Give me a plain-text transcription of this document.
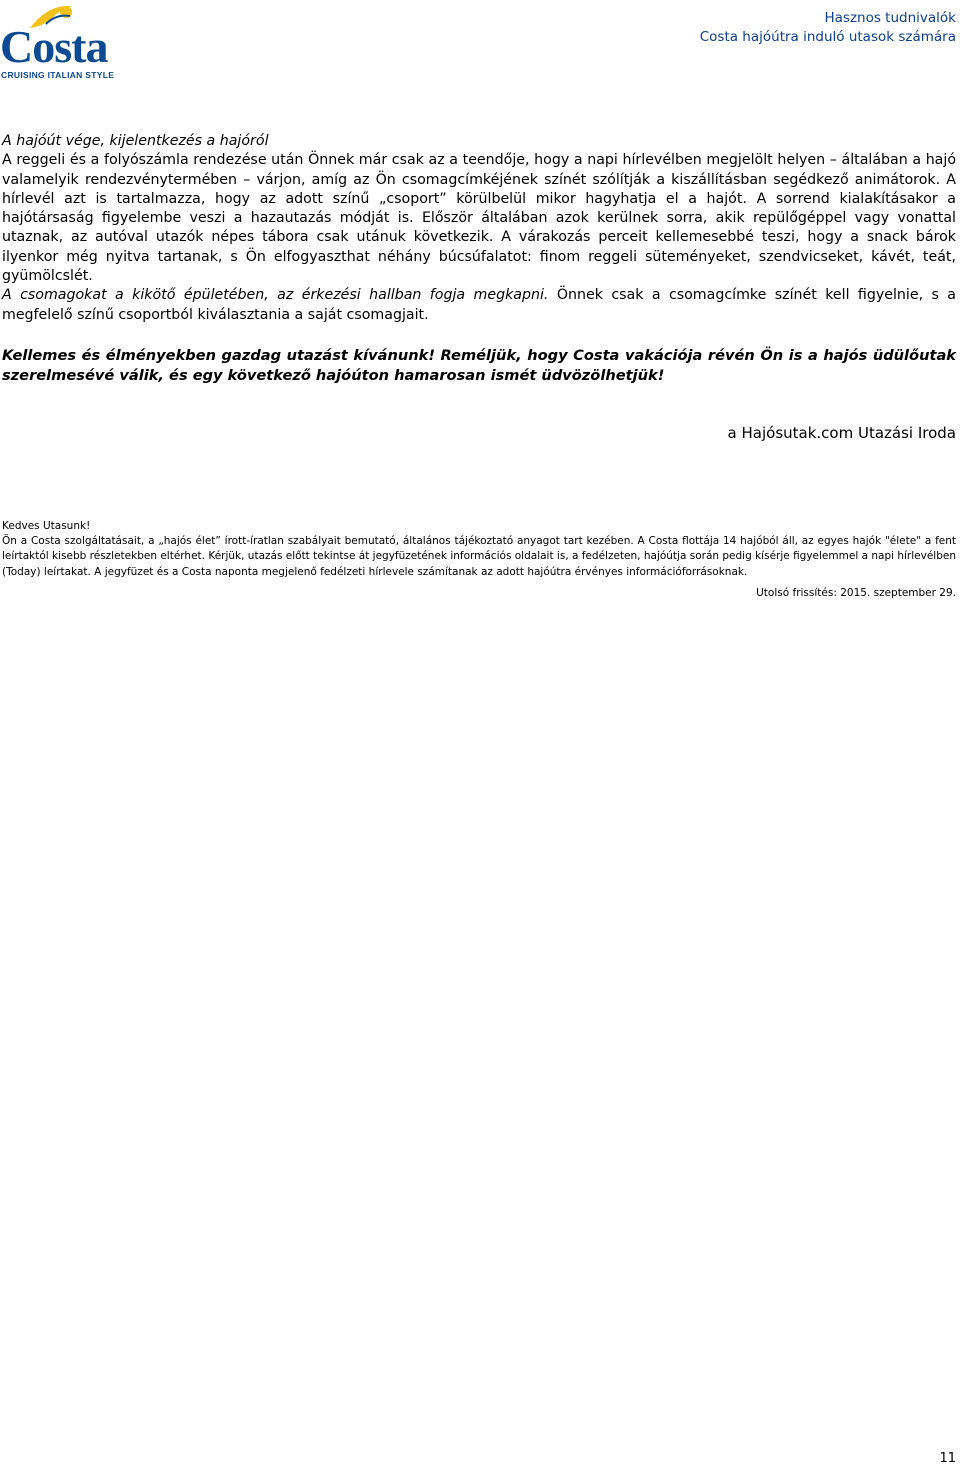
Costa
CRUISING ITALIAN STYLE
Hasznos tudnivalók
Costa hajóútra induló utasok számára

A hajóút vége, kijelentkezés a hajóról

A reggeli és a folyószámla rendezése után Önnek már csak az a teendője, hogy a napi hírlevélben megjelölt helyen – általában a hajó valamelyik rendezvénytermében – várjon, amíg az Ön csomagcímkéjének színét szólítják a kiszállításban segédkező animátorok. A hírlevél azt is tartalmazza, hogy az adott színű „csoport” körülbelül mikor hagyhatja el a hajót. A sorrend kialakításakor a hajótársaság figyelembe veszi a hazautazás módját is. Először általában azok kerülnek sorra, akik repülőgéppel vagy vonattal utaznak, az autóval utazók népes tábora csak utánuk következik. A várakozás perceit kellemesebbé teszi, hogy a snack bárok ilyenkor még nyitva tartanak, s Ön elfogyaszthat néhány búcsúfalatot: finom reggeli süteményeket, szendvicseket, kávét, teát, gyümölcslét.

A csomagokat a kikötő épületében, az érkezési hallban fogja megkapni. Önnek csak a csomagcímke színét kell figyelnie, s a megfelelő színű csoportból kiválasztania a saját csomagjait.

Kellemes és élményekben gazdag utazást kívánunk! Reméljük, hogy Costa vakációja révén Ön is a hajós üdülőutak szerelmesévé válik, és egy következő hajóúton hamarosan ismét üdvözölhetjük!

a Hajósutak.com Utazási Iroda

Kedves Utasunk!

Ön a Costa szolgáltatásait, a „hajós élet” írott-íratlan szabályait bemutató, általános tájékoztató anyagot tart kezében. A Costa flottája 14 hajóból áll, az egyes hajók "élete" a fent leírtaktól kisebb részletekben eltérhet. Kérjük, utazás előtt tekintse át jegyfüzetének információs oldalait is, a fedélzeten, hajóútja során pedig kísérje figyelemmel a napi hírlevélben (Today) leírtakat. A jegyfüzet és a Costa naponta megjelenő fedélzeti hírlevele számítanak az adott hajóútra érvényes információforrásoknak.

Utolsó frissítés: 2015. szeptember 29.
11
